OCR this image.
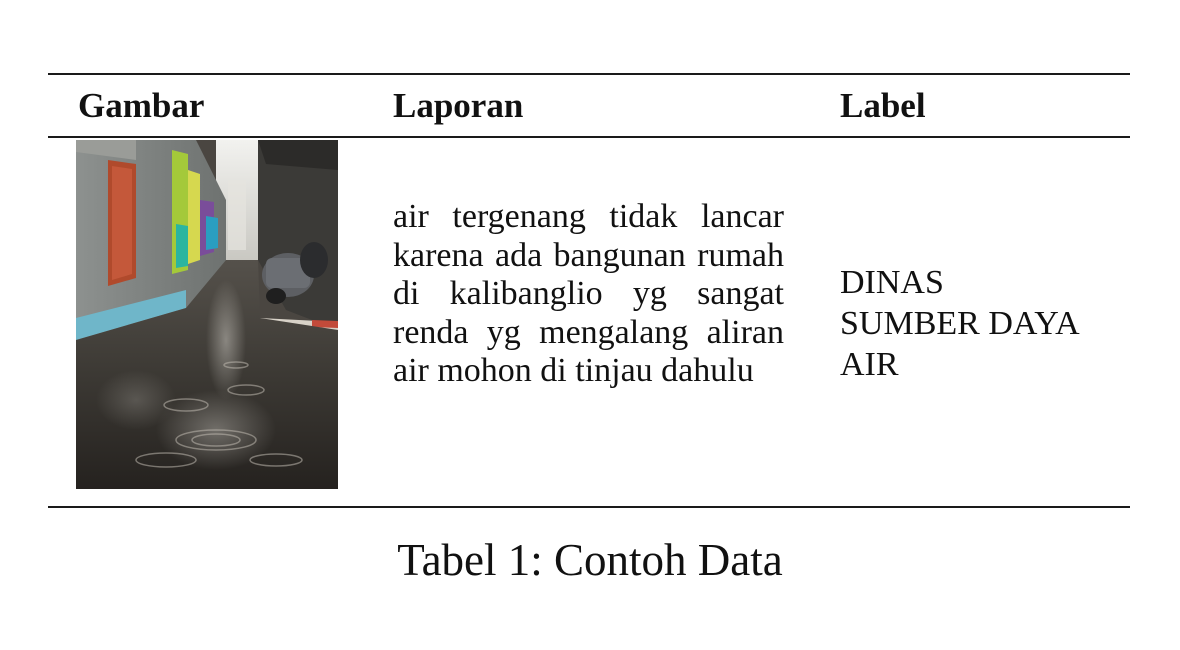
Gambar	Laporan	Label
air tergenang tidak lancar karena ada bangunan rumah di kalibanglio yg sangat renda yg mengalang aliran air mohon di tinjau dahulu
DINAS
SUMBER DAYA
AIR
Tabel 1: Contoh Data
